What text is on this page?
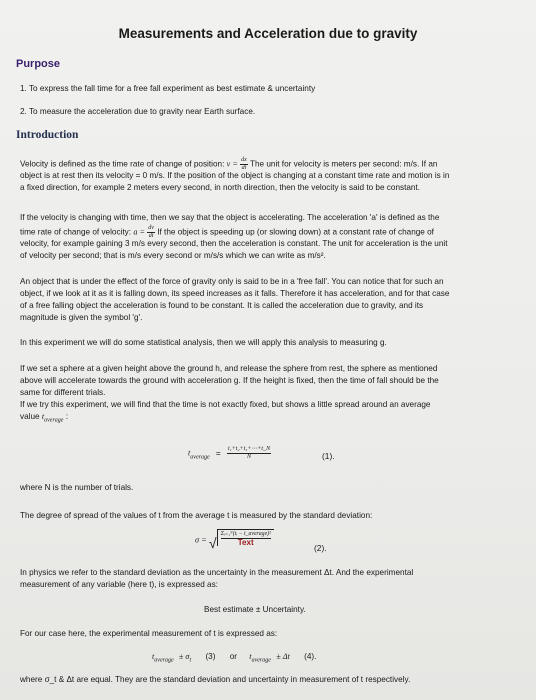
Measurements and Acceleration due to gravity
Purpose
1. To express the fall time for a free fall experiment as best estimate & uncertainty
2. To measure the acceleration due to gravity near Earth surface.
Introduction
Velocity is defined as the time rate of change of position: $v = \frac{dx}{dt}$ The unit for velocity is meters per second: m/s. If an
object is at rest then its velocity = 0 m/s. If the position of the object is changing at a constant time rate and motion is in
a fixed direction, for example 2 meters every second, in north direction, then the velocity is said to be constant.
If the velocity is changing with time, then we say that the object is accelerating. The acceleration 'a' is defined as the
time rate of change of velocity: $a = \frac{dv}{dt}$ If the object is speeding up (or slowing down) at a constant rate of change of
velocity, for example gaining 3 m/s every second, then the acceleration is constant. The unit for acceleration is the unit
of velocity per second; that is m/s every second or m/s/s which we can write as m/s².
An object that is under the effect of the force of gravity only is said to be in a 'free fall'. You can notice that for such an
object, if we look at it as it is falling down, its speed increases as it falls. Therefore it has acceleration, and for that case
of a free falling object the acceleration is found to be constant. It is called the acceleration due to gravity, and its
magnitude is given the symbol 'g'.
In this experiment we will do some statistical analysis, then we will apply this analysis to measuring g.
If we set a sphere at a given height above the ground h, and release the sphere from rest, the sphere as mentioned
above will accelerate towards the ground with acceleration g. If the height is fixed, then the time of fall should be the
same for different trials.
If we try this experiment, we will find that the time is not exactly fixed, but shows a little spread around an average
value $t_{average}$ :
$t_{average} = \frac{\text{t₁+t₂+t₃+⋯+t\_N}}{N}$	(1).
where N is the number of trials.
The degree of spread of the values of t from the average t is measured by the standard deviation:
σ = √ $\frac{\text{Σᵢ₌₁ᴺ(tᵢ − t\_average)²}}{\text{Text}}$
(2).
In physics we refer to the standard deviation as the uncertainty in the measurement Δt. And the experimental
measurement of any variable (here t), is expressed as:
Best estimate ± Uncertainty.
For our case here, the experimental measurement of t is expressed as:
$t_{average} \pm \sigma_t$ (3) or $t_{average} \pm \Delta t$ (4).
where σ_t & Δt are equal. They are the standard deviation and uncertainty in measurement of t respectively.
